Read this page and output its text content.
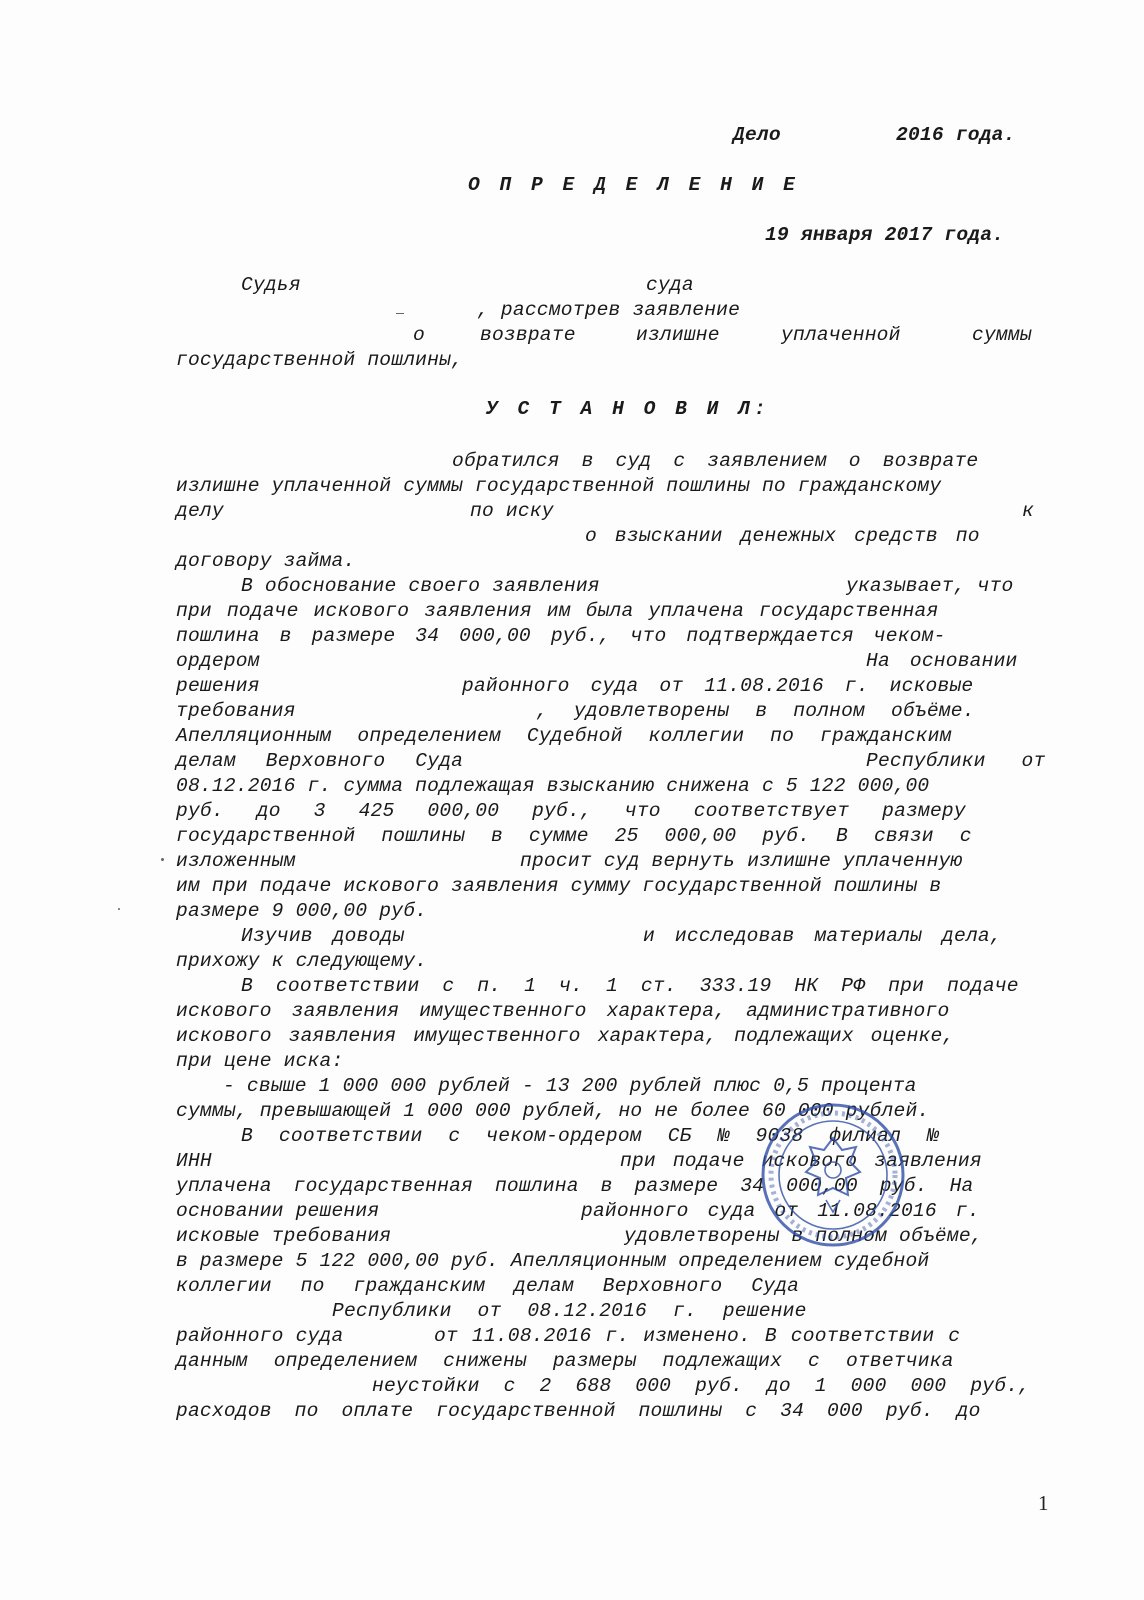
Дело	2016 года.
О П Р Е Д Е Л Е Н И Е
19 января 2017 года.
Судья	суда
, рассмотрев заявление
о	возврате	излишне	уплаченной	суммы
государственной пошлины,
У С Т А Н О В И Л:
обратился в суд с заявлением о возврате
излишне уплаченной суммы государственной пошлины по гражданскому
делу	по иску	к
о взыскании денежных средств по
договору займа.
В обоснование своего заявления	указывает, что
при подаче искового заявления им была уплачена государственная
пошлина в размере 34 000,00 руб., что подтверждается чеком-
ордером	На основании
решения	районного суда от 11.08.2016 г. исковые
требования	, удовлетворены в полном объёме.
Апелляционным определением Судебной коллегии по гражданским
делам Верховного Суда	Республики от
08.12.2016 г. сумма подлежащая взысканию снижена с 5 122 000,00
руб. до 3 425 000,00 руб., что соответствует размеру
государственной пошлины в сумме 25 000,00 руб. В связи с
изложенным	просит суд вернуть излишне уплаченную
им при подаче искового заявления сумму государственной пошлины в
размере 9 000,00 руб.
Изучив доводы	и исследовав материалы дела,
прихожу к следующему.
В соответствии с п. 1 ч. 1 ст. 333.19 НК РФ при подаче
искового заявления имущественного характера, административного
искового заявления имущественного характера, подлежащих оценке,
при цене иска:
- свыше 1 000 000 рублей - 13 200 рублей плюс 0,5 процента
суммы, превышающей 1 000 000 рублей, но не более 60 000 рублей.
В соответствии с чеком-ордером СБ № 9038 филиал №
ИНН	при подаче искового заявления
уплачена государственная пошлина в размере 34 000,00 руб. На
основании решения	районного суда от 11.08.2016 г.
исковые требования	удовлетворены в полном объёме,
в размере 5 122 000,00 руб. Апелляционным определением судебной
коллегии по гражданским делам Верховного Суда
Республики от 08.12.2016 г. решение
районного суда	от 11.08.2016 г. изменено. В соответствии с
данным определением снижены размеры подлежащих с ответчика
неустойки с 2 688 000 руб. до 1 000 000 руб.,
расходов по оплате государственной пошлины с 34 000 руб. до
1
